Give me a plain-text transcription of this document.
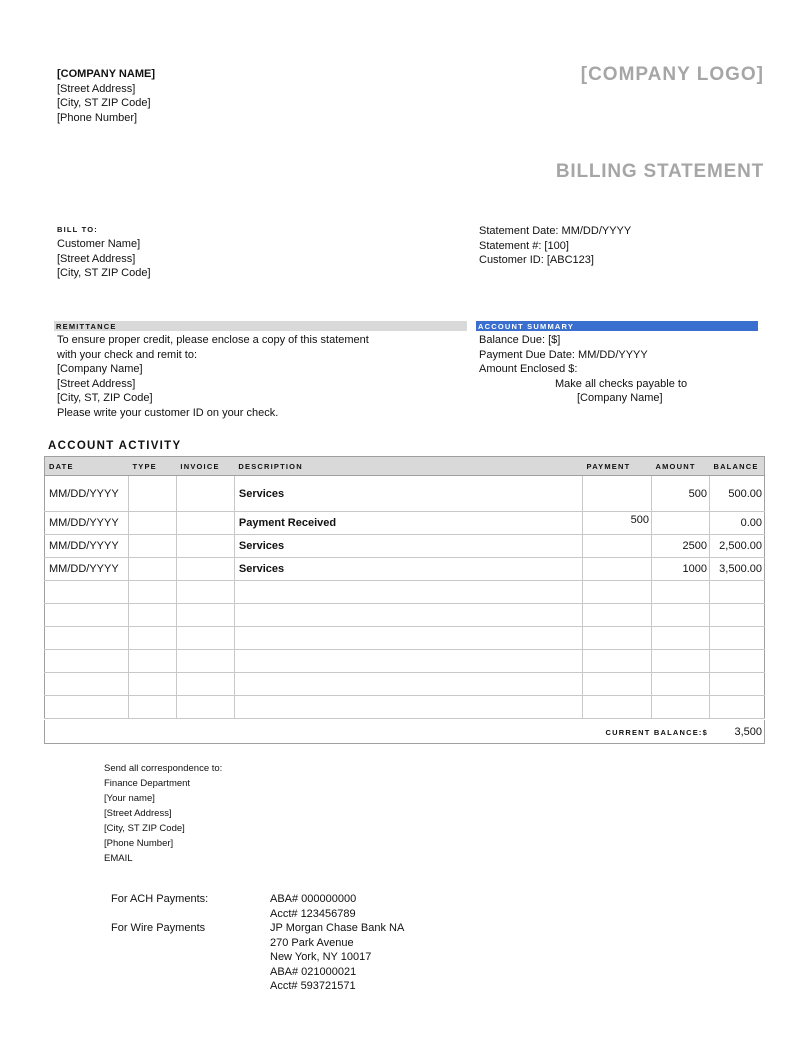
[COMPANY NAME]
[Street Address]
[City, ST ZIP Code]
[Phone Number]
[COMPANY LOGO]
BILLING STATEMENT
BILL TO:
Customer Name]
[Street Address]
[City, ST ZIP Code]
Statement Date: MM/DD/YYYY
Statement #: [100]
Customer ID: [ABC123]
REMITTANCE
To ensure proper credit, please enclose a copy of this statement
with your check and remit to:
[Company Name]
[Street Address]
[City, ST, ZIP Code]
Please write your customer ID on your check.
ACCOUNT SUMMARY
Balance Due: [$]
Payment Due Date: MM/DD/YYYY
Amount Enclosed $:
Make all checks payable to
[Company Name]
ACCOUNT ACTIVITY
DATE	TYPE	INVOICE	DESCRIPTION	PAYMENT	AMOUNT	BALANCE
MM/DD/YYYY			Services		500	500.00
MM/DD/YYYY			Payment Received	500		0.00
MM/DD/YYYY			Services		2500	2,500.00
MM/DD/YYYY			Services		1000	3,500.00

CURRENT BALANCE:$ 3,500
Send all correspondence to:
Finance Department
[Your name]
[Street Address]
[City, ST ZIP Code]
[Phone Number]
EMAIL
For ACH Payments:	ABA# 000000000
Acct# 123456789
For Wire Payments	JP Morgan Chase Bank NA
270 Park Avenue
New York, NY 10017
ABA# 021000021
Acct# 593721571
